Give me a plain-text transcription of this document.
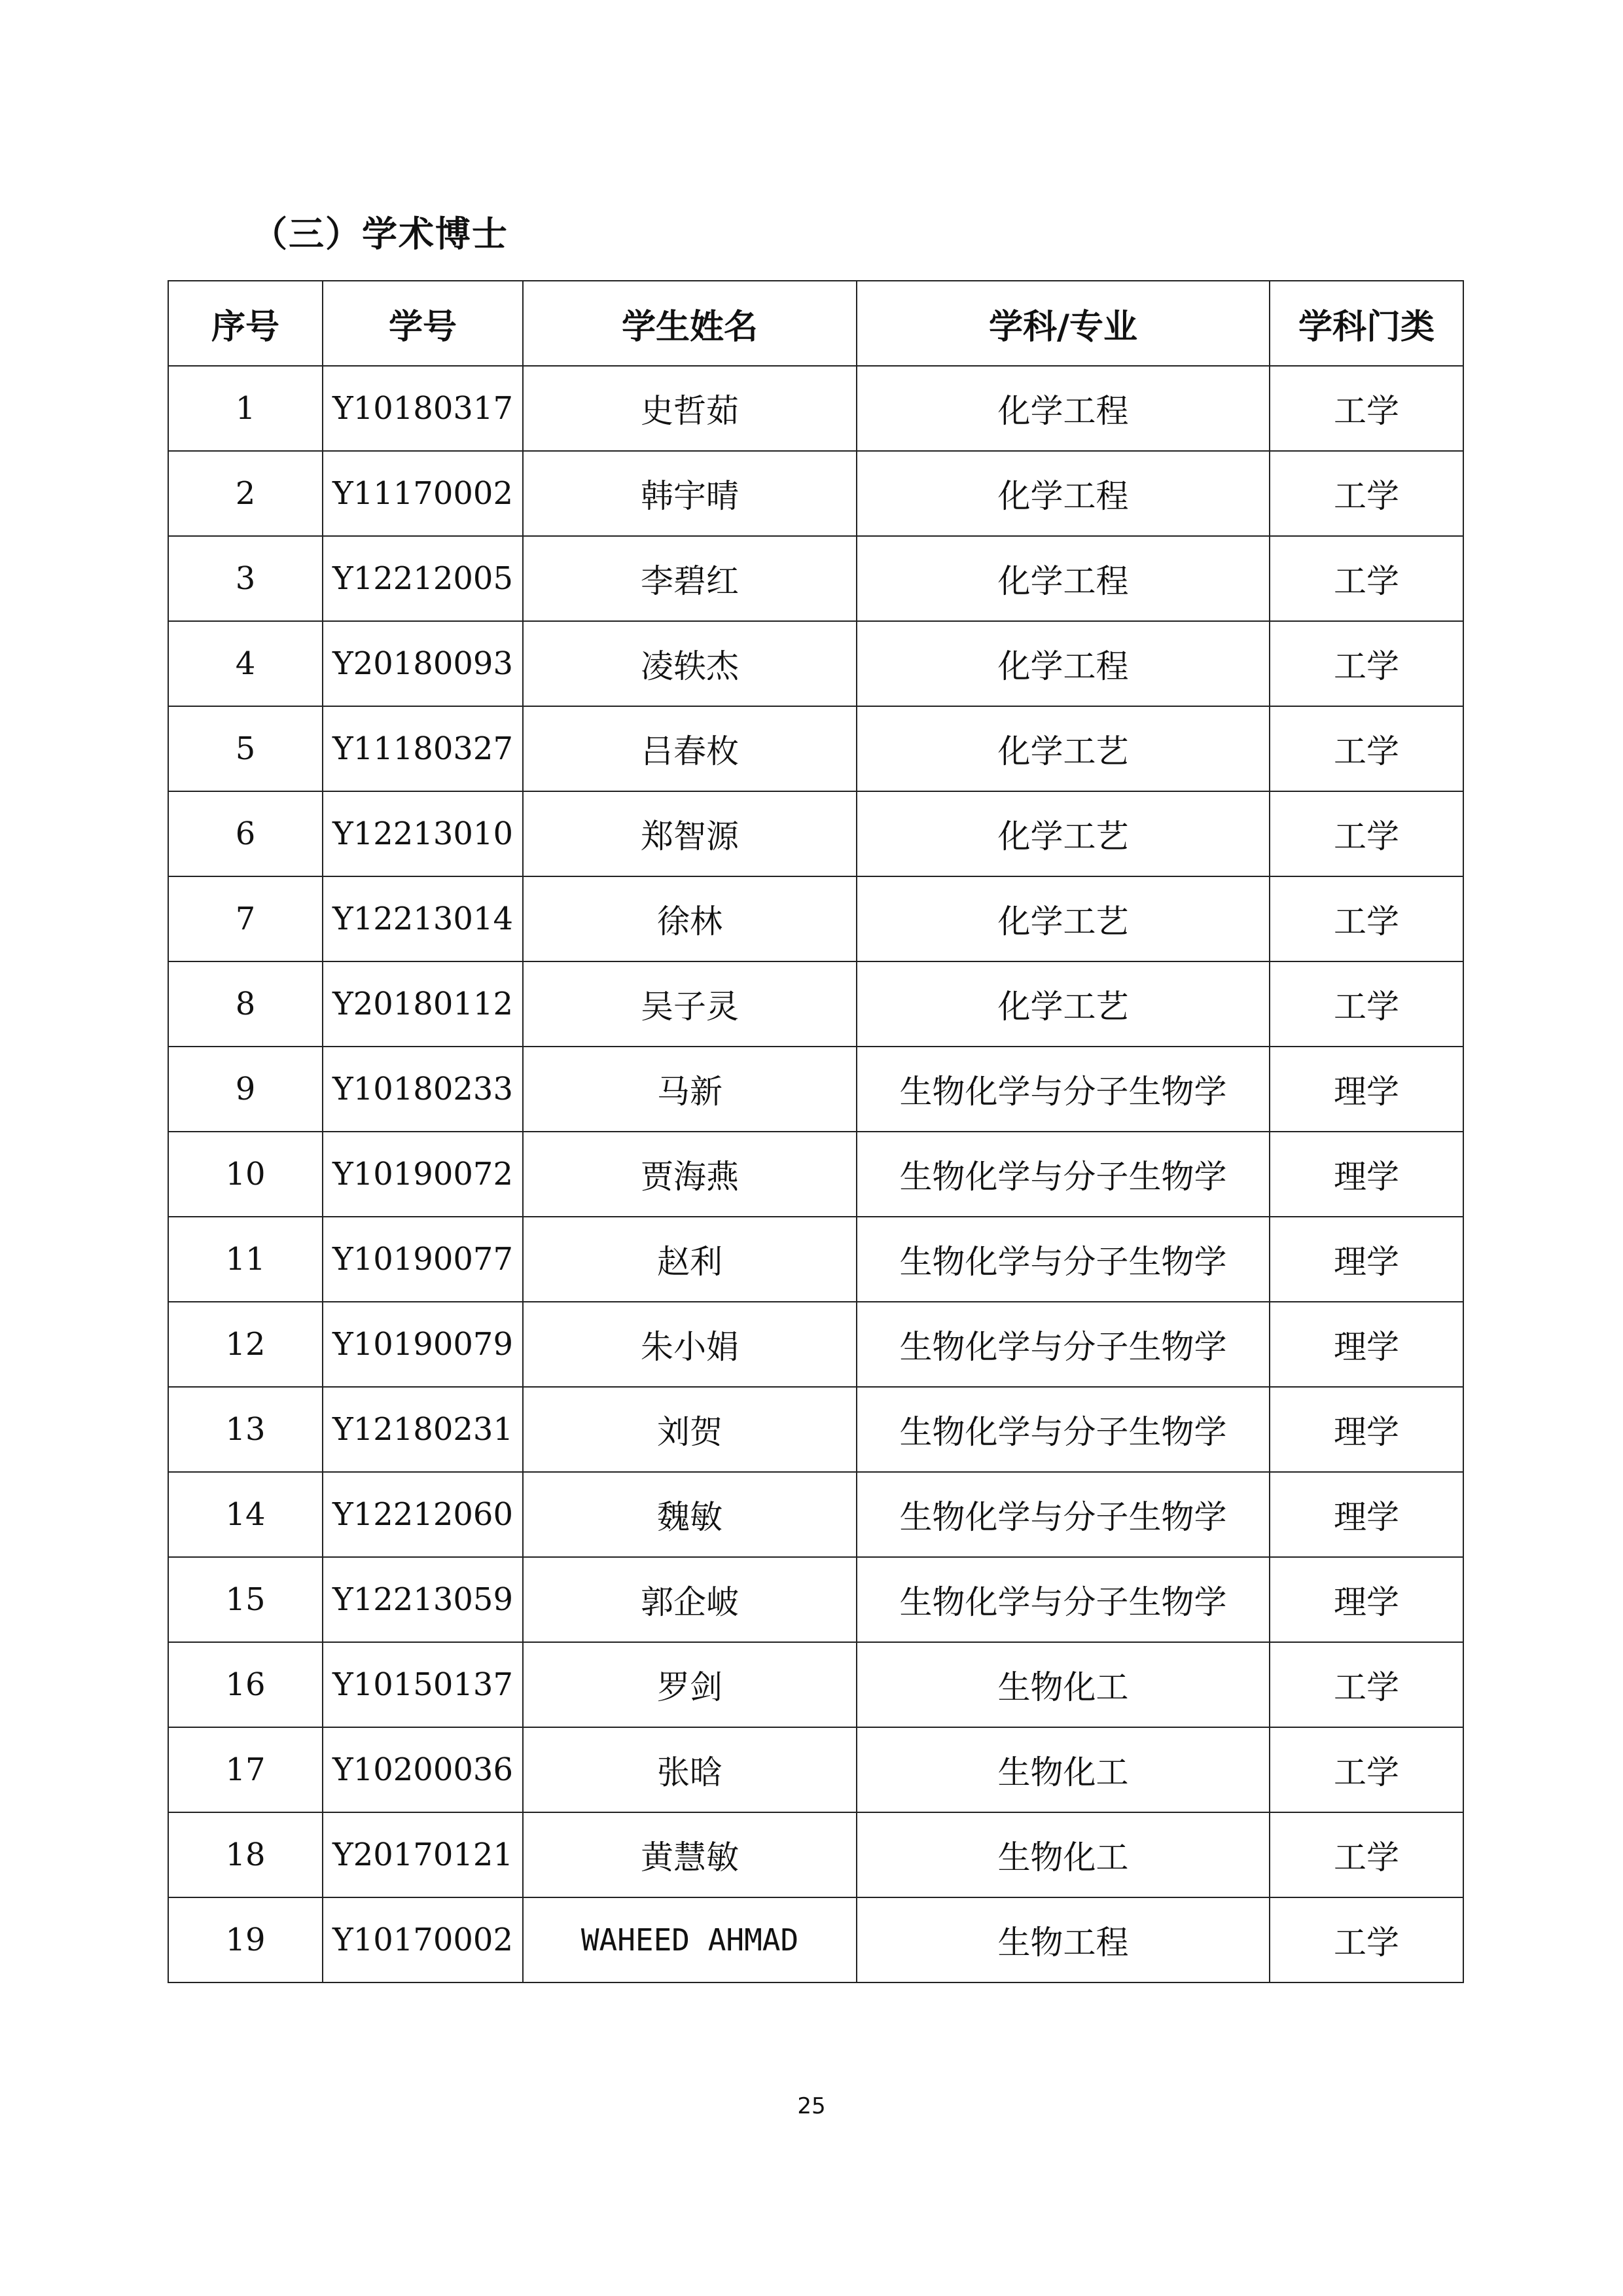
（三）学术博士
序号	学号	学生姓名	学科/专业	学科门类
1	Y10180317	史哲茹	化学工程	工学
2	Y11170002	韩宇晴	化学工程	工学
3	Y12212005	李碧红	化学工程	工学
4	Y20180093	凌轶杰	化学工程	工学
5	Y11180327	吕春枚	化学工艺	工学
6	Y12213010	郑智源	化学工艺	工学
7	Y12213014	徐林	化学工艺	工学
8	Y20180112	吴子灵	化学工艺	工学
9	Y10180233	马新	生物化学与分子生物学	理学
10	Y10190072	贾海燕	生物化学与分子生物学	理学
11	Y10190077	赵利	生物化学与分子生物学	理学
12	Y10190079	朱小娟	生物化学与分子生物学	理学
13	Y12180231	刘贺	生物化学与分子生物学	理学
14	Y12212060	魏敏	生物化学与分子生物学	理学
15	Y12213059	郭企岥	生物化学与分子生物学	理学
16	Y10150137	罗剑	生物化工	工学
17	Y10200036	张晗	生物化工	工学
18	Y20170121	黄慧敏	生物化工	工学
19	Y10170002	WAHEED AHMAD	生物工程	工学
25
